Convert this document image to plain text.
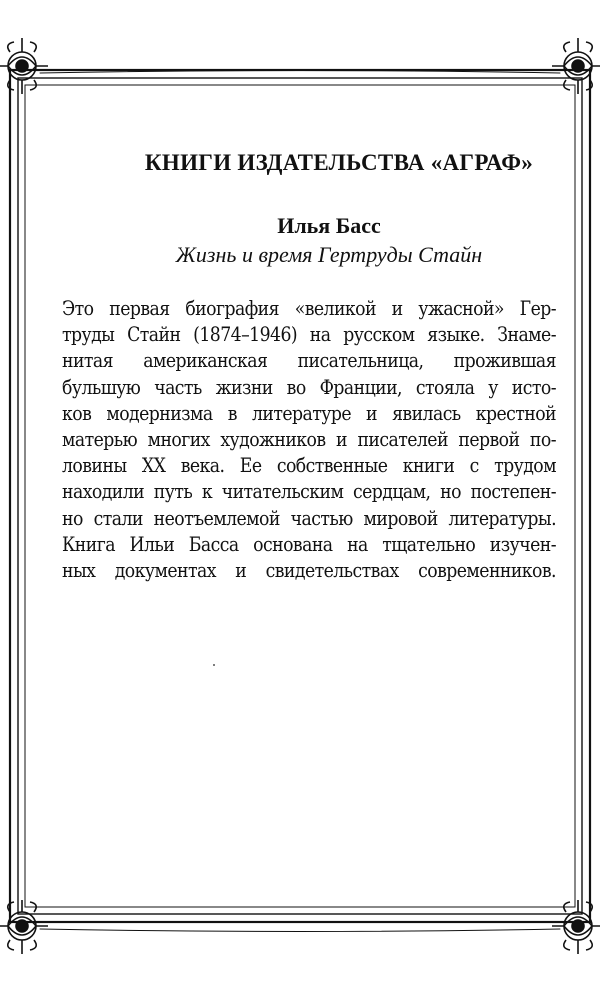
КНИГИ ИЗДАТЕЛЬСТВА «АГРАФ»
Илья Басс
Жизнь и время Гертруды Стайн
Это первая биография «великой и ужасной» Гер-
труды Стайн (1874–1946) на русском языке. Знаме-
нитая американская писательница, прожившая
бульшую часть жизни во Франции, стояла у исто-
ков модернизма в литературе и явилась крестной
матерью многих художников и писателей первой по-
ловины XX века. Ее собственные книги с трудом
находили путь к читательским сердцам, но постепен-
но стали неотъемлемой частью мировой литературы.
Книга Ильи Басса основана на тщательно изучен-
ных документах и свидетельствах современников.
